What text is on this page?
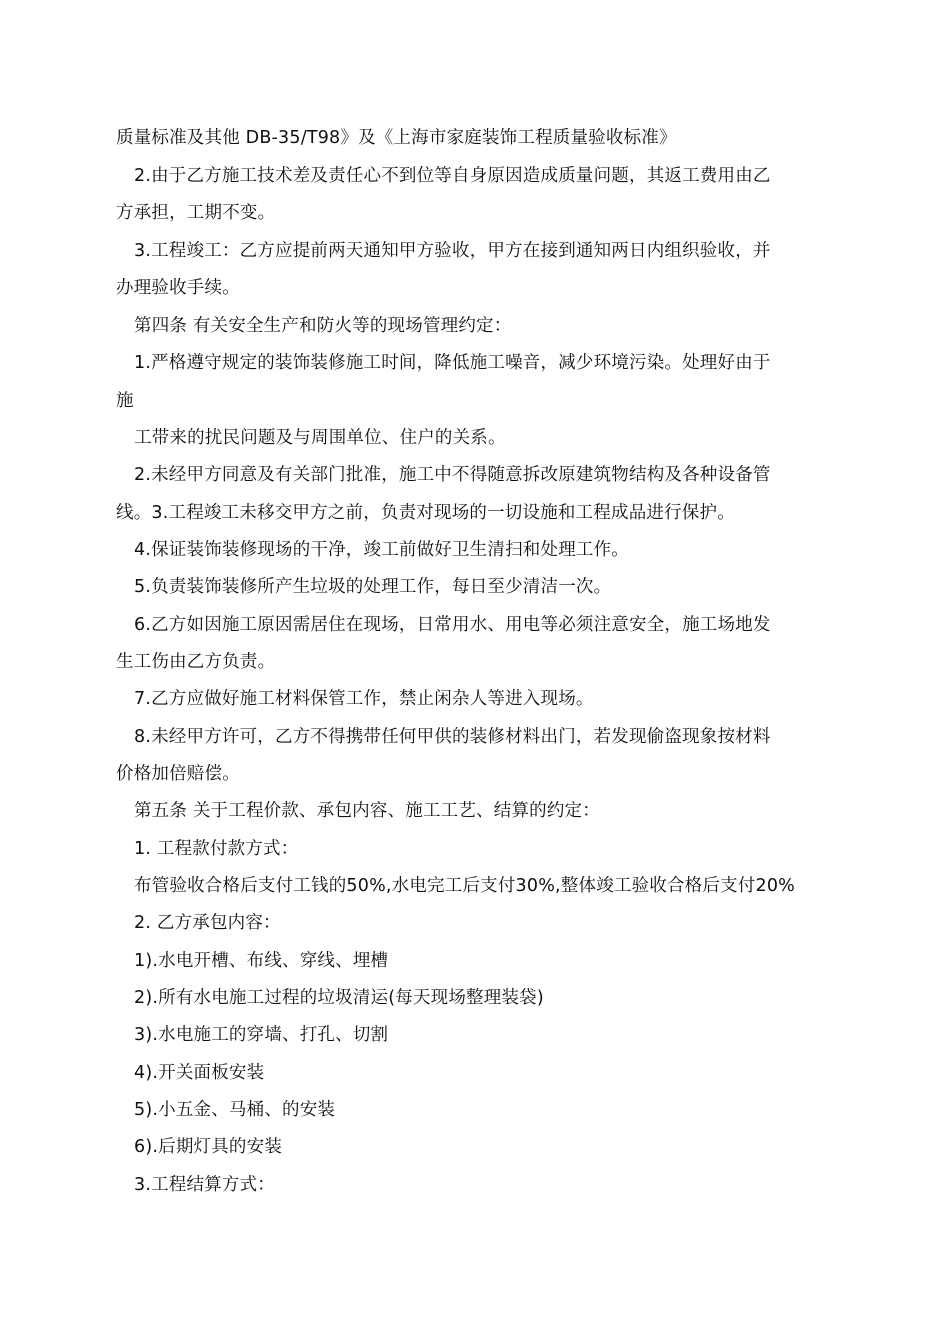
质量标准及其他 DB-35/T98》及《上海市家庭装饰工程质量验收标准》
2.由于乙方施工技术差及责任心不到位等自身原因造成质量问题，其返工费用由乙
方承担，工期不变。
3.工程竣工：乙方应提前两天通知甲方验收，甲方在接到通知两日内组织验收，并
办理验收手续。
第四条 有关安全生产和防火等的现场管理约定：
1.严格遵守规定的装饰装修施工时间，降低施工噪音，减少环境污染。处理好由于
施
工带来的扰民问题及与周围单位、住户的关系。
2.未经甲方同意及有关部门批准，施工中不得随意拆改原建筑物结构及各种设备管
线。3.工程竣工未移交甲方之前，负责对现场的一切设施和工程成品进行保护。
4.保证装饰装修现场的干净，竣工前做好卫生清扫和处理工作。
5.负责装饰装修所产生垃圾的处理工作，每日至少清洁一次。
6.乙方如因施工原因需居住在现场，日常用水、用电等必须注意安全，施工场地发
生工伤由乙方负责。
7.乙方应做好施工材料保管工作，禁止闲杂人等进入现场。
8.未经甲方许可，乙方不得携带任何甲供的装修材料出门，若发现偷盗现象按材料
价格加倍赔偿。
第五条 关于工程价款、承包内容、施工工艺、结算的约定：
1. 工程款付款方式：
布管验收合格后支付工钱的50%,水电完工后支付30%,整体竣工验收合格后支付20%
2. 乙方承包内容：
1).水电开槽、布线、穿线、埋槽
2).所有水电施工过程的垃圾清运(每天现场整理装袋)
3).水电施工的穿墙、打孔、切割
4).开关面板安装
5).小五金、马桶、的安装
6).后期灯具的安装
3.工程结算方式：
